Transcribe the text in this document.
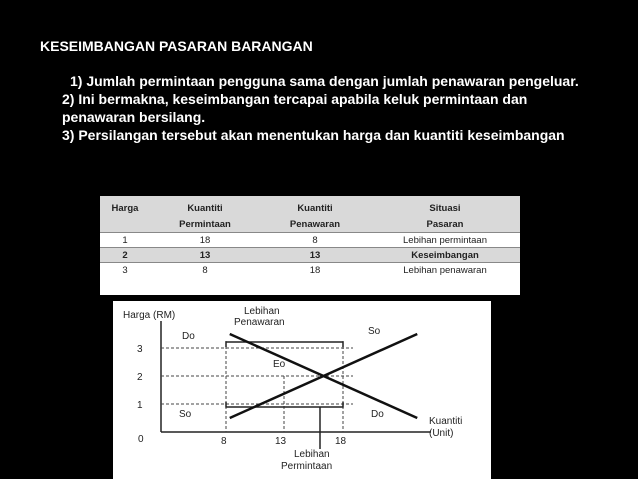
KESEIMBANGAN PASARAN BARANGAN
1) Jumlah permintaan pengguna sama dengan jumlah penawaran pengeluar.
2) Ini bermakna, keseimbangan tercapai apabila keluk permintaan dan penawaran bersilang.
3) Persilangan tersebut akan menentukan harga dan kuantiti keseimbangan
Harga	Kuantiti	Kuantiti	Situasi
	Permintaan	Penawaran	Pasaran
1	18	8	Lebihan permintaan
2	13	13	Keseimbangan
3	8	18	Lebihan penawaran
Harga (RM)
Kuantiti
(Unit)
3
2
1
0	8	13	18
Do
Do
So
So
Eo
Lebihan
Penawaran
Lebihan
Permintaan
